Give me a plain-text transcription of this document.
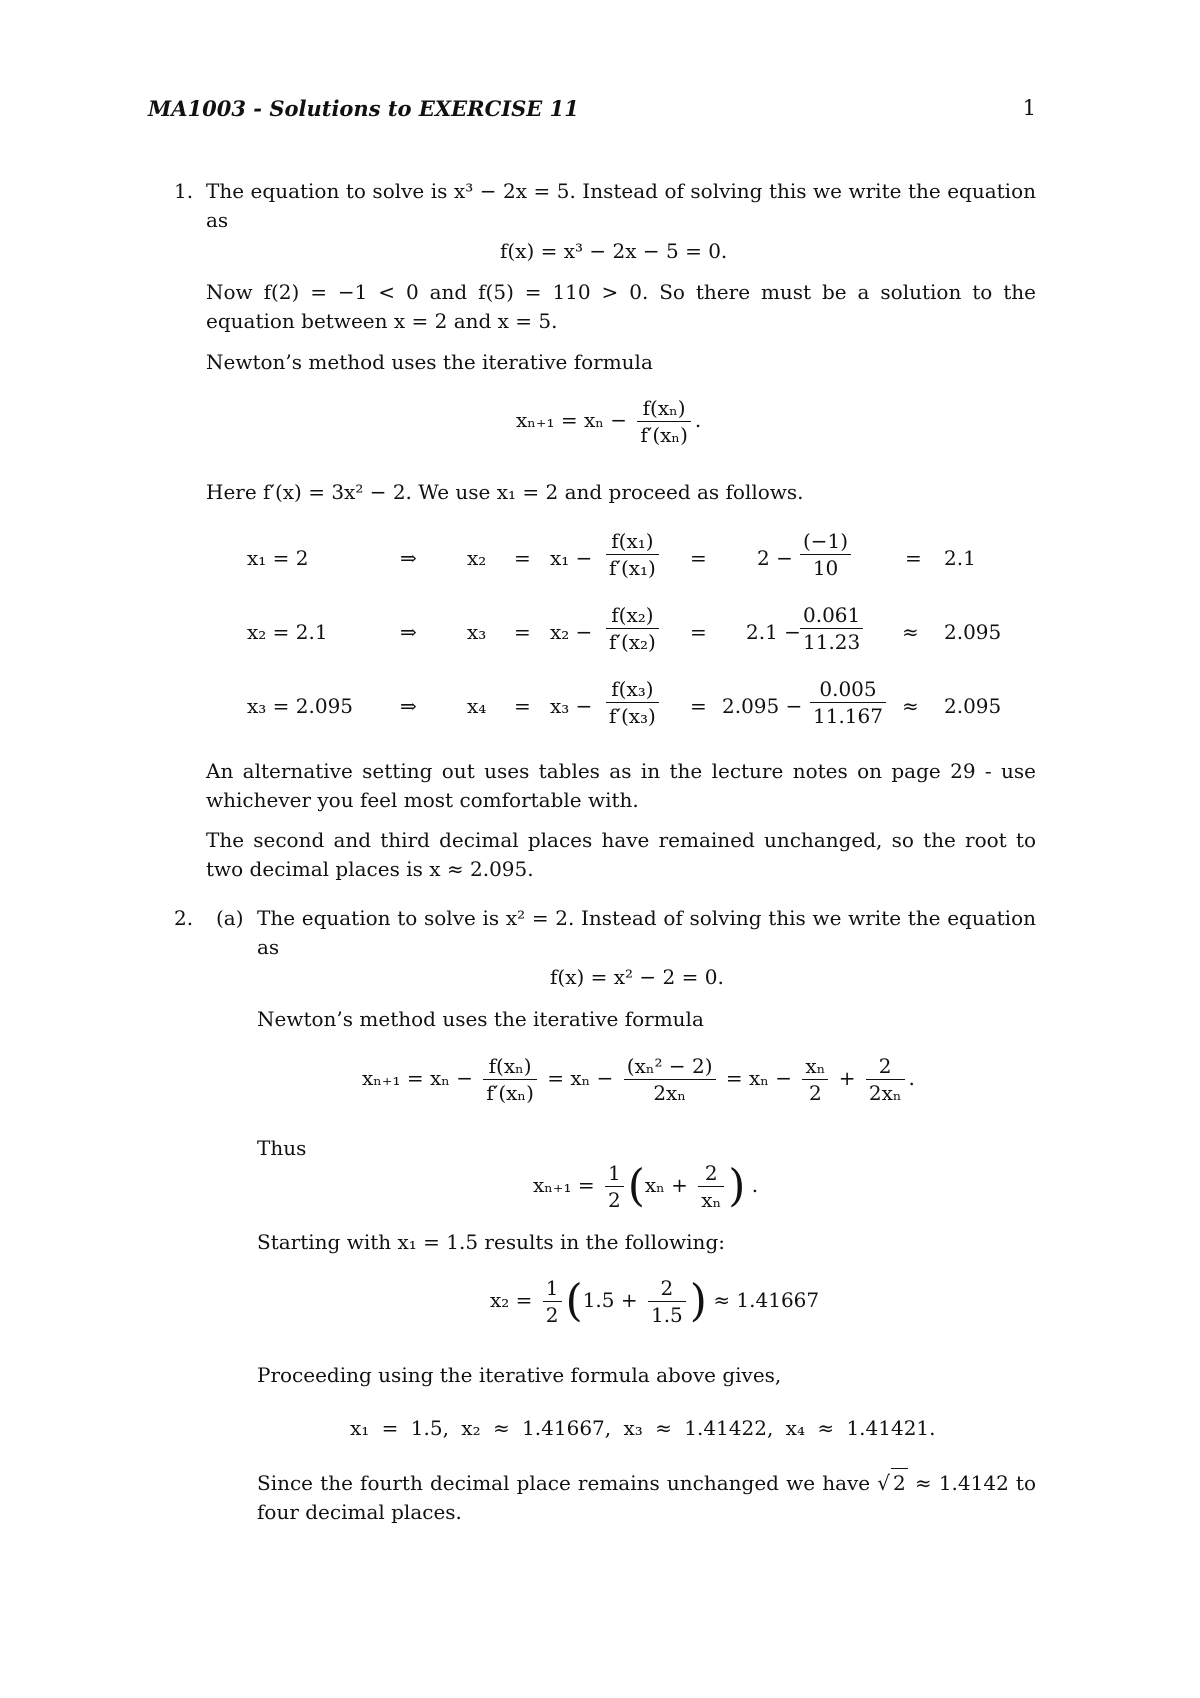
MA1003 - Solutions to EXERCISE 11	1
1. The equation to solve is x³ − 2x = 5. Instead of solving this we write the equation as
f(x) = x³ − 2x − 5 = 0.
Now f(2) = −1 < 0 and f(5) = 110 > 0. So there must be a solution to the equation between x = 2 and x = 5.
Newton’s method uses the iterative formula
$x_{n+1} = x_n - \frac{\text{f(xₙ)}}{\text{f′(xₙ)}}$ .
Here f′(x) = 3x² − 2. We use x₁ = 2 and proceed as follows.
x₁ = 2	⇒	$x_2 = x_1 - \frac{\text{f(x₁)}}{\text{f′(x₁)}}$ =	$2 - \frac{(-1)}{10}$	= 2.1
x₂ = 2.1	⇒	$x_3 = x_2 - \frac{\text{f(x₂)}}{\text{f′(x₂)}} = 2.1 - \frac{0.061}{11.23} \approx 2.095$
x₃ = 2.095 ⇒	$x_4 = x_3 - \frac{\text{f(x₃)}}{\text{f′(x₃)}} = 2.095 - \frac{0.005}{11.167} \approx 2.095$
An alternative setting out uses tables as in the lecture notes on page 29 - use whichever you feel most comfortable with.
The second and third decimal places have remained unchanged, so the root to two decimal places is x ≈ 2.095.
2. (a) The equation to solve is x² = 2. Instead of solving this we write the equation as
f(x) = x² − 2 = 0.
Newton’s method uses the iterative formula
$x_{n+1} = x_n - \frac{\text{f(xₙ)}}{\text{f′(xₙ)}} = x_n - \frac{\text{(xₙ² − 2)}}{\text{2xₙ}} = x_n - \frac{\text{xₙ}}{2} + \frac{2}{\text{2xₙ}}$ .
Thus
$x_{n+1} = \frac{1}{2} (x_n + \frac{2}{\text{xₙ}}$ ) .
Starting with x₁ = 1.5 results in the following:
$x_2 = \frac{1}{2} (1.5 + \frac{2}{1.5}$ ) ≈ 1.41667
Proceeding using the iterative formula above gives,
x₁ = 1.5, x₂ ≈ 1.41667, x₃ ≈ 1.41422, x₄ ≈ 1.41421.
Since the fourth decimal place remains unchanged we have √ 2 ≈ 1.4142 to four decimal places.
